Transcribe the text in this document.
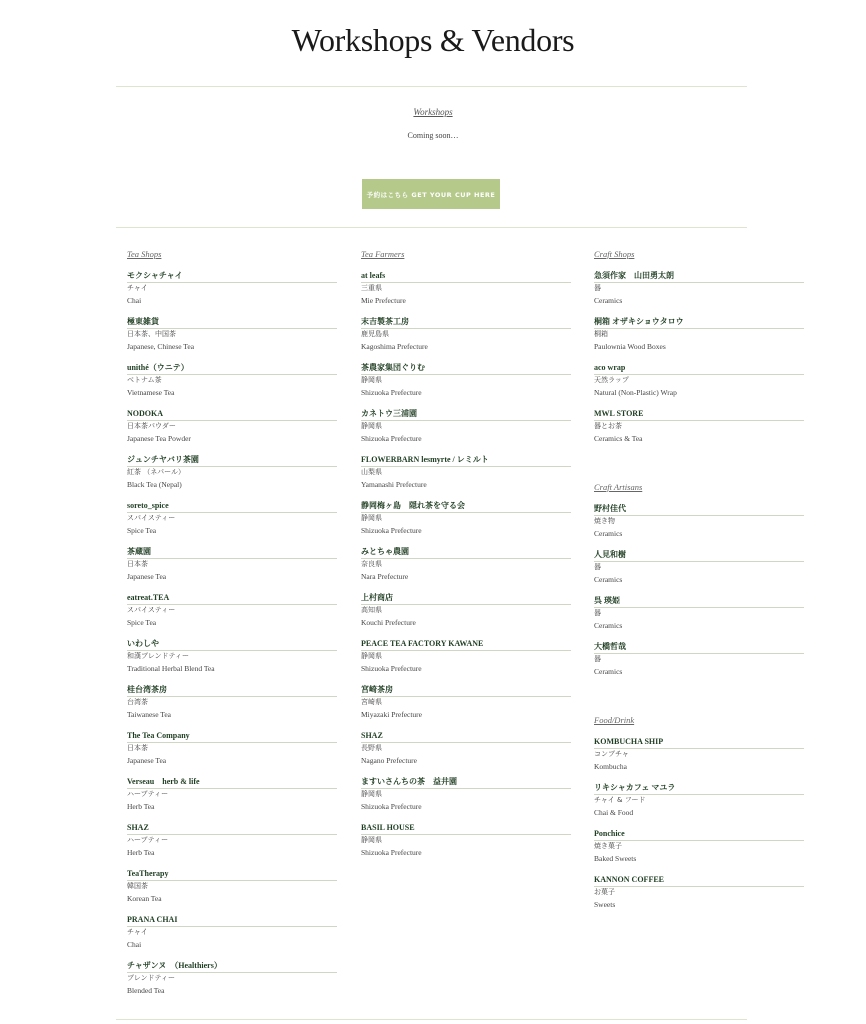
Workshops & Vendors
Workshops
Coming soon…
予約はこちら GET YOUR CUP HERE
Tea Shops
モクシャチャイ
チャイ
Chai
極東雑貨
日本茶、中国茶
Japanese, Chinese Tea
unithé（ウニテ）
ベトナム茶
Vietnamese Tea
NODOKA
日本茶パウダー
Japanese Tea Powder
ジュンチヤバリ茶園
紅茶 （ネパール）
Black Tea (Nepal)
soreto_spice
スパイスティー
Spice Tea
茶蔵園
日本茶
Japanese Tea
eatreat.TEA
スパイスティー
Spice Tea
いわしや
和漢ブレンドティー
Traditional Herbal Blend Tea
桂台湾茶房
台湾茶
Taiwanese Tea
The Tea Company
日本茶
Japanese Tea
Verseau　herb & life
ハーブティー
Herb Tea
SHAZ
ハーブティー
Herb Tea
TeaTherapy
韓国茶
Korean Tea
PRANA CHAI
チャイ
Chai
チャザンヌ　（Healthiers）
ブレンドティー
Blended Tea
Tea Farmers
at leafs
三重県
Mie Prefecture
末吉製茶工房
鹿児島県
Kagoshima Prefecture
茶農家集団ぐりむ
静岡県
Shizuoka Prefecture
カネトウ三浦園
静岡県
Shizuoka Prefecture
FLOWERBARN lesmyrte / レミルト
山梨県
Yamanashi Prefecture
静岡梅ヶ島　隠れ茶を守る会
静岡県
Shizuoka Prefecture
みとちゃ農園
奈良県
Nara Prefecture
上村商店
高知県
Kouchi Prefecture
PEACE TEA FACTORY KAWANE
静岡県
Shizuoka Prefecture
宮崎茶房
宮崎県
Miyazaki Prefecture
SHAZ
長野県
Nagano Prefecture
ますいさんちの茶　益井園
静岡県
Shizuoka Prefecture
BASIL HOUSE
静岡県
Shizuoka Prefecture
Craft Shops
急須作家　山田勇太朗
器
Ceramics
桐箱 オザキショウタロウ
桐箱
Paulownia Wood Boxes
aco wrap
天然ラップ
Natural (Non-Plastic) Wrap
MWL STORE
器とお茶
Ceramics & Tea
Craft Artisans
野村佳代
焼き物
Ceramics
人見和樹
器
Ceramics
呉 瑛姫
器
Ceramics
大橋哲哉
器
Ceramics
Food/Drink
KOMBUCHA SHIP
コンブチャ
Kombucha
リキシャカフェ マユラ
チャイ & フード
Chai & Food
Ponchice
焼き菓子
Baked Sweets
KANNON COFFEE
お菓子
Sweets
